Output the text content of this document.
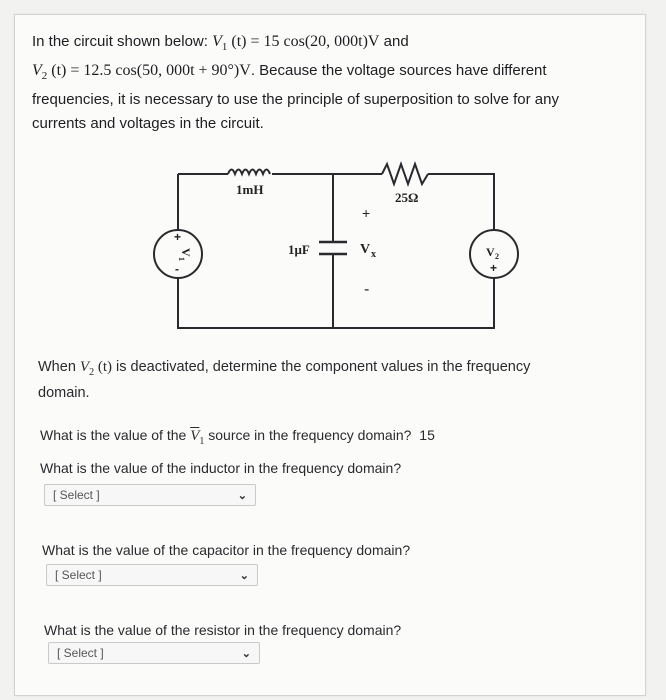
In the circuit shown below: $V_1$ (t) = 15 cos(20, 000t)V and
$V_2$ (t) = 12.5 cos(50, 000t + 90°)V. Because the voltage sources have different
frequencies, it is necessary to use the principle of superposition to solve for any
currents and voltages in the circuit.
1mH
25Ω
1μF
+
V x
-
+
V
1
-
V 2
+
When $V_2$ (t) is deactivated, determine the component values in the frequency
domain.
What is the value of the $\overline{V}_1$ source in the frequency domain? 15
What is the value of the inductor in the frequency domain?
[ Select ]	⌄
What is the value of the capacitor in the frequency domain?
[ Select ]	⌄
What is the value of the resistor in the frequency domain?
[ Select ]	⌄
